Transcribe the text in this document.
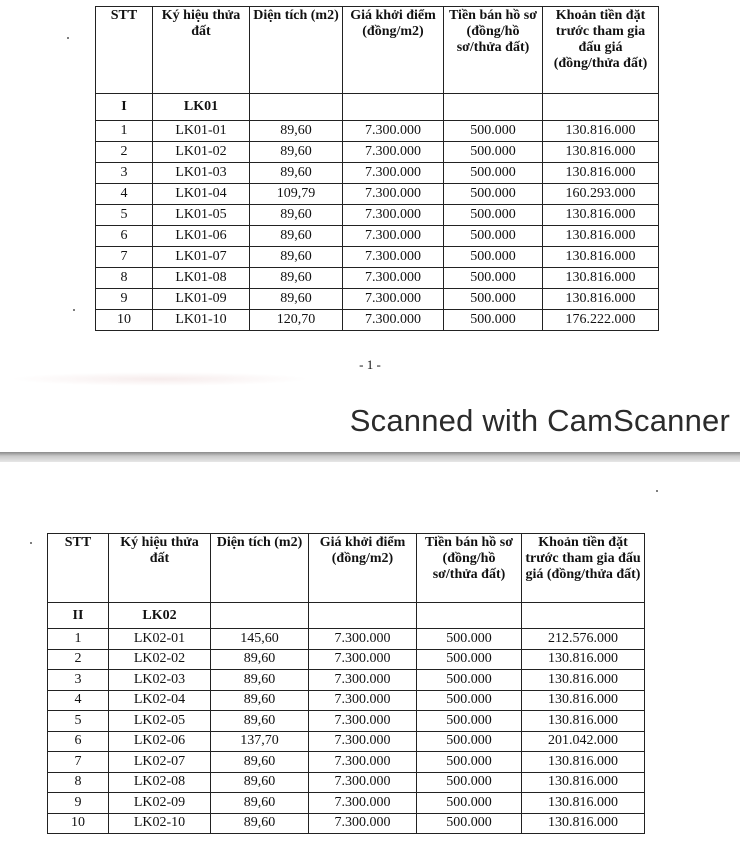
STT	Ký hiệu thửa đất	Diện tích (m2)	Giá khởi điểm (đồng/m2)	Tiền bán hồ sơ (đồng/hồ sơ/thửa đất)	Khoản tiền đặt trước tham gia đấu giá (đồng/thửa đất)
I	LK01				
1	LK01-01	89,60	7.300.000	500.000	130.816.000
2	LK01-02	89,60	7.300.000	500.000	130.816.000
3	LK01-03	89,60	7.300.000	500.000	130.816.000
4	LK01-04	109,79	7.300.000	500.000	160.293.000
5	LK01-05	89,60	7.300.000	500.000	130.816.000
6	LK01-06	89,60	7.300.000	500.000	130.816.000
7	LK01-07	89,60	7.300.000	500.000	130.816.000
8	LK01-08	89,60	7.300.000	500.000	130.816.000
9	LK01-09	89,60	7.300.000	500.000	130.816.000
10	LK01-10	120,70	7.300.000	500.000	176.222.000
- 1 -
Scanned with CamScanner
STT	Ký hiệu thửa đất	Diện tích (m2)	Giá khởi điểm (đồng/m2)	Tiền bán hồ sơ (đồng/hồ sơ/thửa đất)	Khoản tiền đặt trước tham gia đấu giá (đồng/thửa đất)
II	LK02				
1	LK02-01	145,60	7.300.000	500.000	212.576.000
2	LK02-02	89,60	7.300.000	500.000	130.816.000
3	LK02-03	89,60	7.300.000	500.000	130.816.000
4	LK02-04	89,60	7.300.000	500.000	130.816.000
5	LK02-05	89,60	7.300.000	500.000	130.816.000
6	LK02-06	137,70	7.300.000	500.000	201.042.000
7	LK02-07	89,60	7.300.000	500.000	130.816.000
8	LK02-08	89,60	7.300.000	500.000	130.816.000
9	LK02-09	89,60	7.300.000	500.000	130.816.000
10	LK02-10	89,60	7.300.000	500.000	130.816.000
